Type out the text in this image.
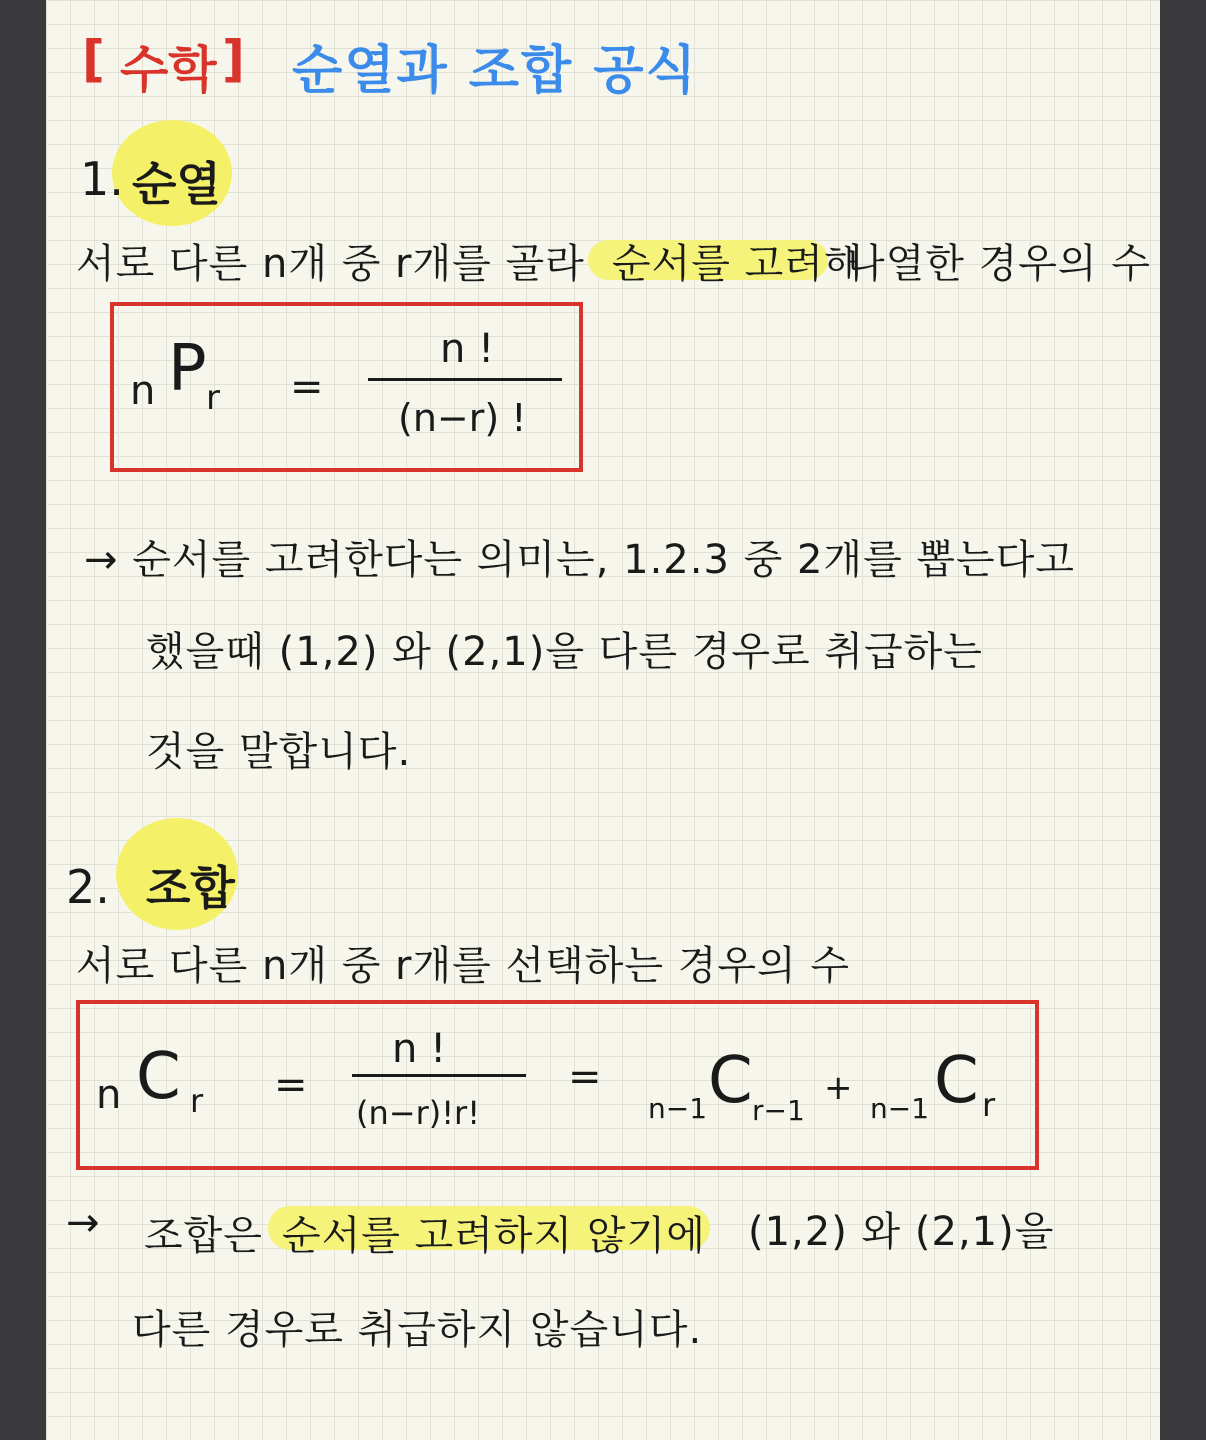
[ 수학 ] 순열과 조합 공식
1. 순열
서로 다른 n개 중 r개를 골라 순서를 고려해
나열한 경우의 수
n P r =
n !
(n−r) !
→ 순서를 고려한다는 의미는, 1.2.3 중 2개를 뽑는다고
했을때 (1,2) 와 (2,1)을 다른 경우로 취급하는
것을 말합니다.
2. 조합
서로 다른 n개 중 r개를 선택하는 경우의 수
n C r =
n !
(n−r)!r!
=
n−1 C r−1
+
n−1 C r
→ 조합은 순서를 고려하지 않기에 (1,2) 와 (2,1)을
다른 경우로 취급하지 않습니다.
